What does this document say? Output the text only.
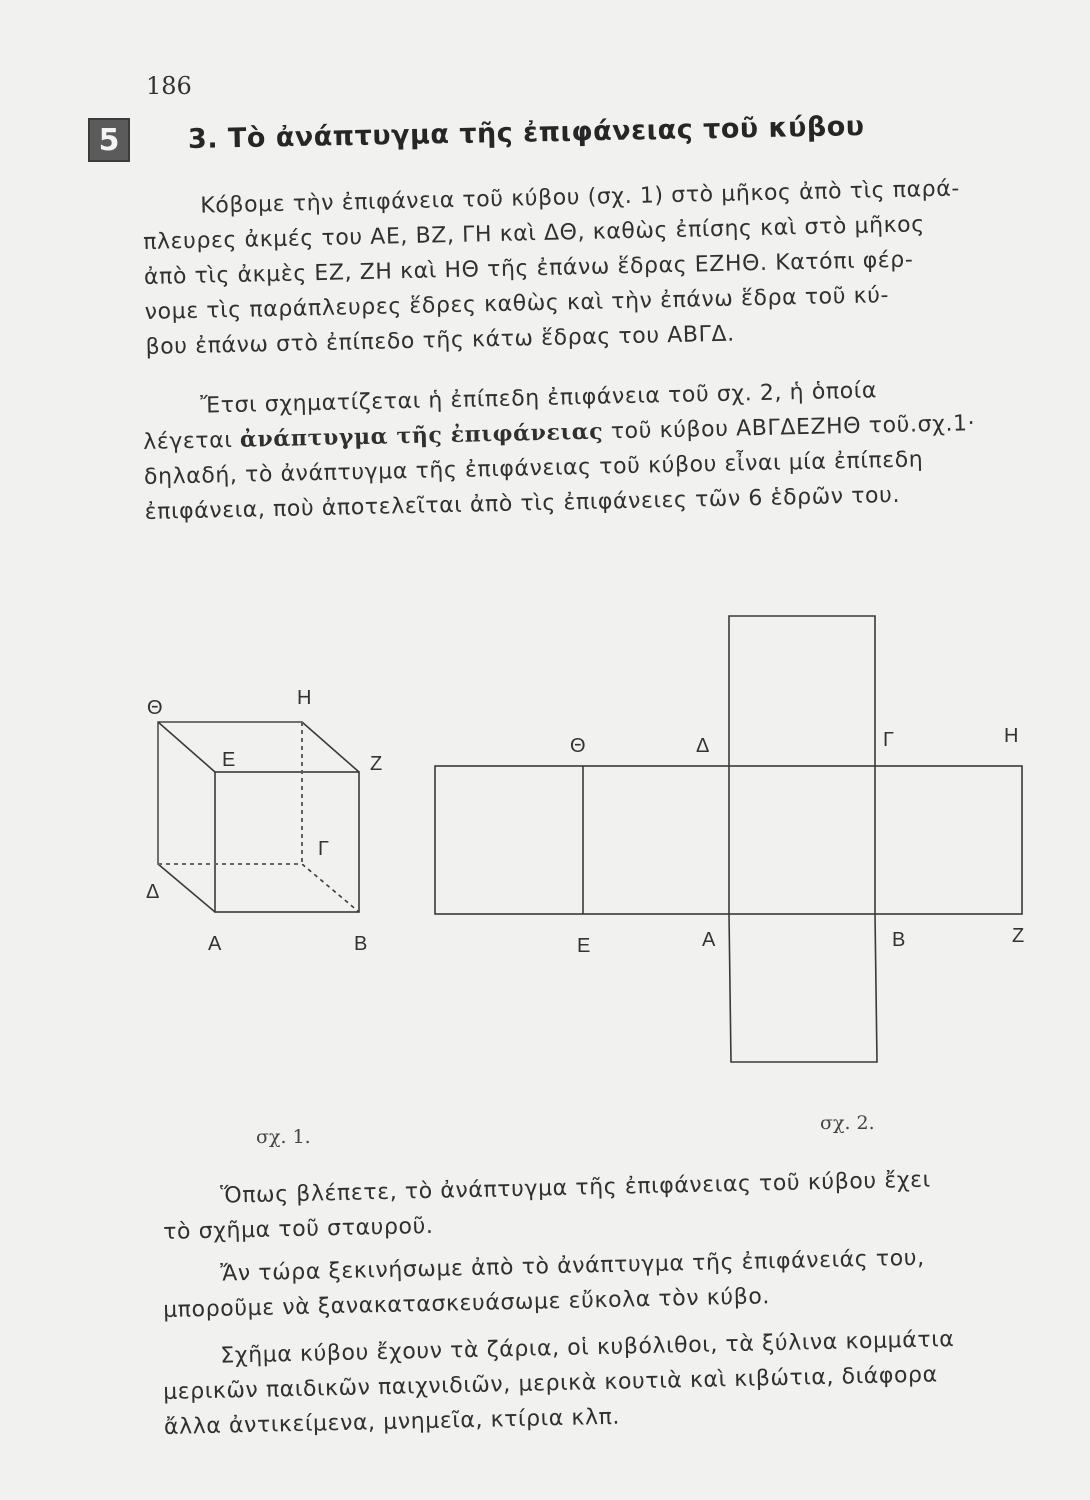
186
5	3. Τὸ ἀνάπτυγμα τῆς ἐπιφάνειας τοῦ κύβου

Κόβομε τὴν ἐπιφάνεια τοῦ κύβου (σχ. 1) στὸ μῆκος ἀπὸ τὶς παρά-
πλευρες ἀκμές του ΑΕ, ΒΖ, ΓΗ καὶ ΔΘ, καθὼς ἐπίσης καὶ στὸ μῆκος
ἀπὸ τὶς ἀκμὲς ΕΖ, ΖΗ καὶ ΗΘ τῆς ἐπάνω ἕδρας ΕΖΗΘ. Κατόπι φέρ-
νομε τὶς παράπλευρες ἕδρες καθὼς καὶ τὴν ἐπάνω ἕδρα τοῦ κύ-
βου ἐπάνω στὸ ἐπίπεδο τῆς κάτω ἕδρας του ΑΒΓΔ.

Ἔτσι σχηματίζεται ἡ ἐπίπεδη ἐπιφάνεια τοῦ σχ. 2, ἡ ὁποία
λέγεται ἀνάπτυγμα τῆς ἐπιφάνειας τοῦ κύβου ΑΒΓΔΕΖΗΘ τοῦ.σχ.1·
δηλαδή, τὸ ἀνάπτυγμα τῆς ἐπιφάνειας τοῦ κύβου εἶναι μία ἐπίπεδη
ἐπιφάνεια, ποὺ ἀποτελεῖται ἀπὸ τὶς ἐπιφάνειες τῶν 6 ἑδρῶν του.

Θ	Η
Ε	Ζ
Γ
Δ
Α	Β
Θ	Δ	Γ	Η
Ε	Α	Β	Ζ
σχ. 1.
σχ. 2.

Ὅπως βλέπετε, τὸ ἀνάπτυγμα τῆς ἐπιφάνειας τοῦ κύβου ἔχει
τὸ σχῆμα τοῦ σταυροῦ.

Ἄν τώρα ξεκινήσωμε ἀπὸ τὸ ἀνάπτυγμα τῆς ἐπιφάνειάς του,
μποροῦμε νὰ ξανακατασκευάσωμε εὔκολα τὸν κύβο.

Σχῆμα κύβου ἔχουν τὰ ζάρια, οἱ κυβόλιθοι, τὰ ξύλινα κομμάτια
μερικῶν παιδικῶν παιχνιδιῶν, μερικὰ κουτιὰ καὶ κιβώτια, διάφορα
ἄλλα ἀντικείμενα, μνημεῖα, κτίρια κλπ.
